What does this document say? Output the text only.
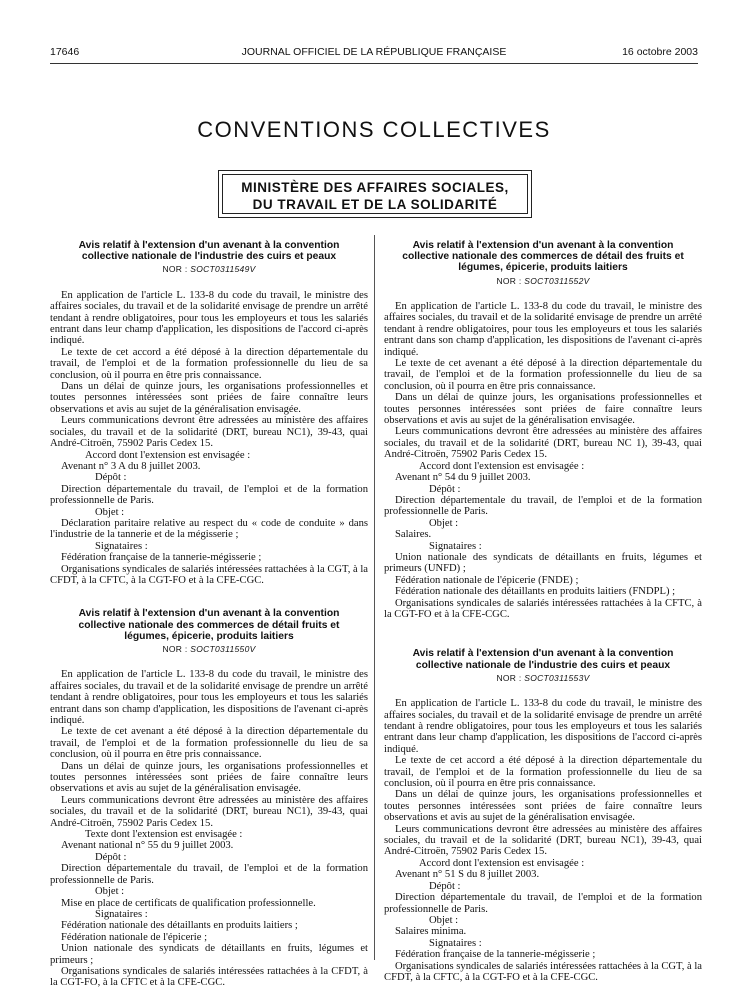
17646	JOURNAL OFFICIEL DE LA RÉPUBLIQUE FRANÇAISE	16 octobre 2003
CONVENTIONS COLLECTIVES
MINISTÈRE DES AFFAIRES SOCIALES,
DU TRAVAIL ET DE LA SOLIDARITÉ
Avis relatif à l'extension d'un avenant à la convention collective nationale de l'industrie des cuirs et peaux
NOR : SOCT0311549V

En application de l'article L. 133-8 du code du travail, le ministre des affaires sociales, du travail et de la solidarité envisage de prendre un arrêté tendant à rendre obligatoires, pour tous les employeurs et tous les salariés entrant dans leur champ d'application, les dispositions de l'accord ci-après indiqué.

Le texte de cet accord a été déposé à la direction départementale du travail, de l'emploi et de la formation professionnelle du lieu de sa conclusion, où il pourra en être pris connaissance.

Dans un délai de quinze jours, les organisations professionnelles et toutes personnes intéressées sont priées de faire connaître leurs observations et avis au sujet de la généralisation envisagée.

Leurs communications devront être adressées au ministère des affaires sociales, du travail et de la solidarité (DRT, bureau NC1), 39-43, quai André-Citroën, 75902 Paris Cedex 15.

Accord dont l'extension est envisagée :

Avenant n° 3 A du 8 juillet 2003.

Dépôt :

Direction départementale du travail, de l'emploi et de la formation professionnelle de Paris.

Objet :

Déclaration paritaire relative au respect du « code de conduite » dans l'industrie de la tannerie et de la mégisserie ;

Signataires :

Fédération française de la tannerie-mégisserie ;

Organisations syndicales de salariés intéressées rattachées à la CGT, à la CFDT, à la CFTC, à la CGT-FO et à la CFE-CGC.

Avis relatif à l'extension d'un avenant à la convention collective nationale des commerces de détail fruits et légumes, épicerie, produits laitiers
NOR : SOCT0311550V

En application de l'article L. 133-8 du code du travail, le ministre des affaires sociales, du travail et de la solidarité envisage de prendre un arrêté tendant à rendre obligatoires, pour tous les employeurs et tous les salariés entrant dans son champ d'application, les dispositions de l'avenant ci-après indiqué.

Le texte de cet avenant a été déposé à la direction départementale du travail, de l'emploi et de la formation professionnelle du lieu de sa conclusion, où il pourra en être pris connaissance.

Dans un délai de quinze jours, les organisations professionnelles et toutes personnes intéressées sont priées de faire connaître leurs observations et avis au sujet de la généralisation envisagée.

Leurs communications devront être adressées au ministère des affaires sociales, du travail et de la solidarité (DRT, bureau NC1), 39-43, quai André-Citroën, 75902 Paris Cedex 15.

Texte dont l'extension est envisagée :

Avenant national n° 55 du 9 juillet 2003.

Dépôt :

Direction départementale du travail, de l'emploi et de la formation professionnelle de Paris.

Objet :

Mise en place de certificats de qualification professionnelle.

Signataires :

Fédération nationale des détaillants en produits laitiers ;

Fédération nationale de l'épicerie ;

Union nationale des syndicats de détaillants en fruits, légumes et primeurs ;

Organisations syndicales de salariés intéressées rattachées à la CFDT, à la CGT-FO, à la CFTC et à la CFE-CGC.

Avis relatif à l'extension d'un avenant à la convention collective nationale des commerces de détail des fruits et légumes, épicerie, produits laitiers
NOR : SOCT0311552V

En application de l'article L. 133-8 du code du travail, le ministre des affaires sociales, du travail et de la solidarité envisage de prendre un arrêté tendant à rendre obligatoires, pour tous les employeurs et tous les salariés entrant dans son champ d'application, les dispositions de l'avenant ci-après indiqué.

Le texte de cet avenant a été déposé à la direction départementale du travail, de l'emploi et de la formation professionnelle du lieu de sa conclusion, où il pourra en être pris connaissance.

Dans un délai de quinze jours, les organisations professionnelles et toutes personnes intéressées sont priées de faire connaître leurs observations et avis au sujet de la généralisation envisagée.

Leurs communications devront être adressées au ministère des affaires sociales, du travail et de la solidarité (DRT, bureau NC 1), 39-43, quai André-Citroën, 75902 Paris Cedex 15.

Accord dont l'extension est envisagée :

Avenant n° 54 du 9 juillet 2003.

Dépôt :

Direction départementale du travail, de l'emploi et de la formation professionnelle de Paris.

Objet :

Salaires.

Signataires :

Union nationale des syndicats de détaillants en fruits, légumes et primeurs (UNFD) ;

Fédération nationale de l'épicerie (FNDE) ;

Fédération nationale des détaillants en produits laitiers (FNDPL) ;

Organisations syndicales de salariés intéressées rattachées à la CFTC, à la CGT-FO et à la CFE-CGC.

Avis relatif à l'extension d'un avenant à la convention collective nationale de l'industrie des cuirs et peaux
NOR : SOCT0311553V

En application de l'article L. 133-8 du code du travail, le ministre des affaires sociales, du travail et de la solidarité envisage de prendre un arrêté tendant à rendre obligatoires, pour tous les employeurs et tous les salariés entrant dans leur champ d'application, les dispositions de l'accord ci-après indiqué.

Le texte de cet accord a été déposé à la direction départementale du travail, de l'emploi et de la formation professionnelle du lieu de sa conclusion, où il pourra en être pris connaissance.

Dans un délai de quinze jours, les organisations professionnelles et toutes personnes intéressées sont priées de faire connaître leurs observations et avis au sujet de la généralisation envisagée.

Leurs communications devront être adressées au ministère des affaires sociales, du travail et de la solidarité (DRT, bureau NC1), 39-43, quai André-Citroën, 75902 Paris Cedex 15.

Accord dont l'extension est envisagée :

Avenant n° 51 S du 8 juillet 2003.

Dépôt :

Direction départementale du travail, de l'emploi et de la formation professionnelle de Paris.

Objet :

Salaires minima.

Signataires :

Fédération française de la tannerie-mégisserie ;

Organisations syndicales de salariés intéressées rattachées à la CGT, à la CFDT, à la CFTC, à la CGT-FO et à la CFE-CGC.
